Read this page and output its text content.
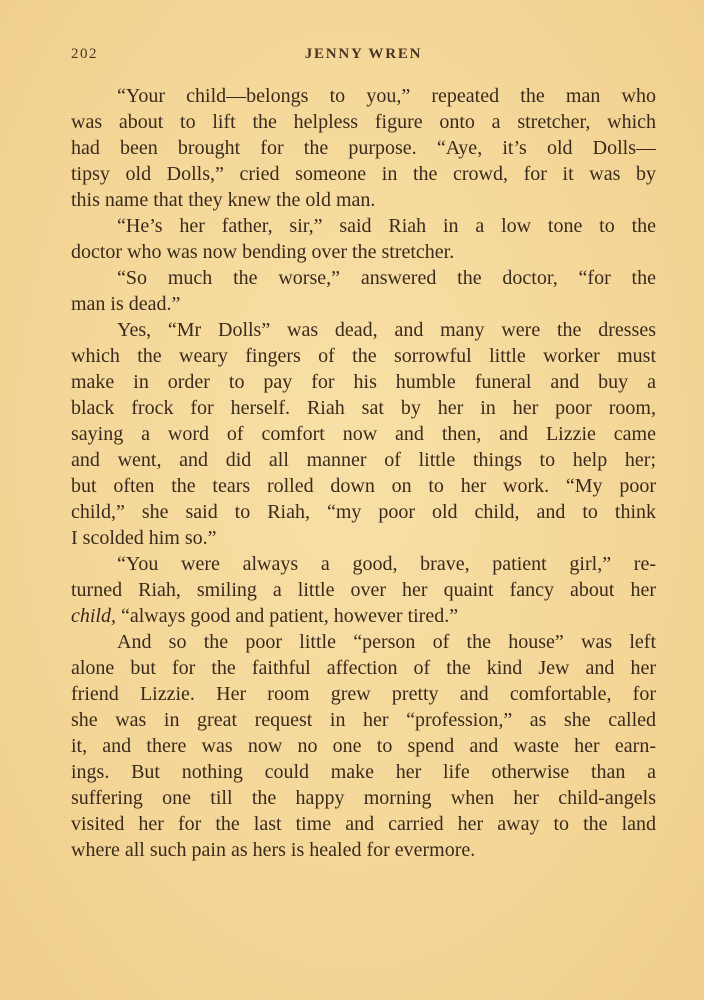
202	JENNY WREN
“Your child—belongs to you,” repeated the man who
was about to lift the helpless figure onto a stretcher, which
had been brought for the purpose. “Aye, it’s old Dolls—
tipsy old Dolls,” cried someone in the crowd, for it was by
this name that they knew the old man.
“He’s her father, sir,” said Riah in a low tone to the
doctor who was now bending over the stretcher.
“So much the worse,” answered the doctor, “for the
man is dead.”
Yes, “Mr Dolls” was dead, and many were the dresses
which the weary fingers of the sorrowful little worker must
make in order to pay for his humble funeral and buy a
black frock for herself. Riah sat by her in her poor room,
saying a word of comfort now and then, and Lizzie came
and went, and did all manner of little things to help her;
but often the tears rolled down on to her work. “My poor
child,” she said to Riah, “my poor old child, and to think
I scolded him so.”
“You were always a good, brave, patient girl,” re-
turned Riah, smiling a little over her quaint fancy about her
child, “always good and patient, however tired.”
And so the poor little “person of the house” was left
alone but for the faithful affection of the kind Jew and her
friend Lizzie. Her room grew pretty and comfortable, for
she was in great request in her “profession,” as she called
it, and there was now no one to spend and waste her earn-
ings. But nothing could make her life otherwise than a
suffering one till the happy morning when her child-angels
visited her for the last time and carried her away to the land
where all such pain as hers is healed for evermore.
